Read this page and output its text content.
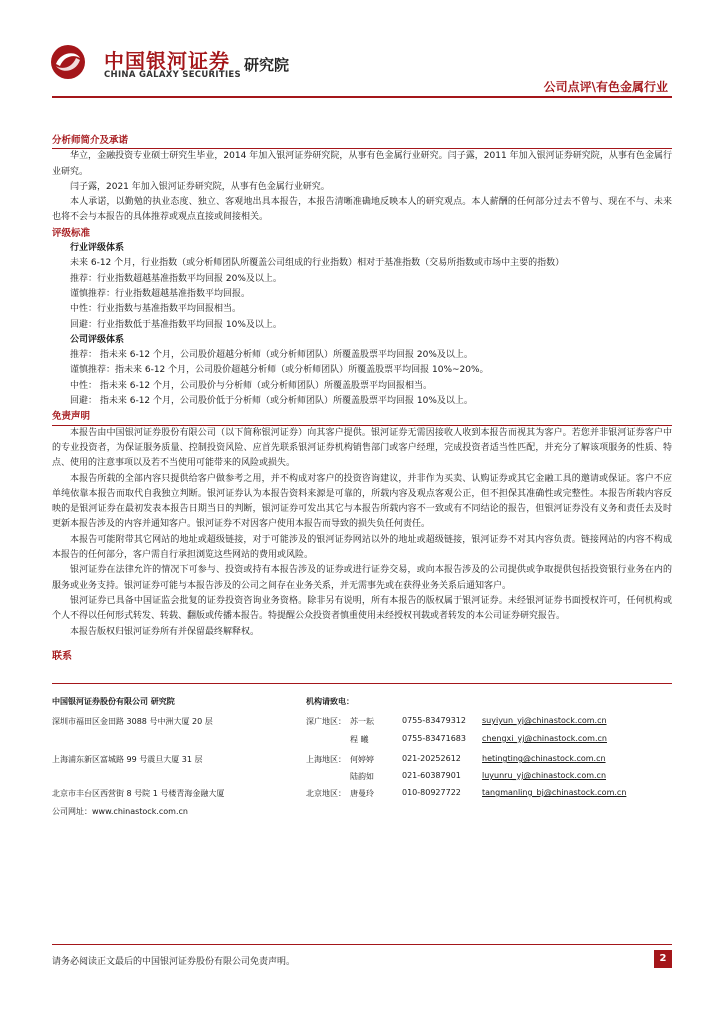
中国银河证券
CHINA GALAXY SECURITIES
研究院
公司点评\有色金属行业
分析师简介及承诺

华立，金融投资专业硕士研究生毕业，2014 年加入银河证券研究院，从事有色金属行业研究。闫子露，2011 年加入银河证券研究院，从事有色金属行业研究。

闫子露，2021 年加入银河证券研究院，从事有色金属行业研究。

本人承诺，以勤勉的执业态度、独立、客观地出具本报告，本报告清晰准确地反映本人的研究观点。本人薪酬的任何部分过去不曾与、现在不与、未来也将不会与本报告的具体推荐或观点直接或间接相关。

评级标准
行业评级体系
未来 6-12 个月，行业指数（或分析师团队所覆盖公司组成的行业指数）相对于基准指数（交易所指数或市场中主要的指数）
推荐：行业指数超越基准指数平均回报 20%及以上。
谨慎推荐：行业指数超越基准指数平均回报。
中性：行业指数与基准指数平均回报相当。
回避：行业指数低于基准指数平均回报 10%及以上。
公司评级体系
推荐： 指未来 6-12 个月，公司股价超越分析师（或分析师团队）所覆盖股票平均回报 20%及以上。
谨慎推荐：指未来 6-12 个月，公司股价超越分析师（或分析师团队）所覆盖股票平均回报 10%~20%。
中性： 指未来 6-12 个月，公司股价与分析师（或分析师团队）所覆盖股票平均回报相当。
回避： 指未来 6-12 个月，公司股价低于分析师（或分析师团队）所覆盖股票平均回报 10%及以上。
免责声明

本报告由中国银河证券股份有限公司（以下简称银河证券）向其客户提供。银河证券无需因接收人收到本报告而视其为客户。若您并非银河证券客户中的专业投资者，为保证服务质量、控制投资风险、应首先联系银河证券机构销售部门或客户经理，完成投资者适当性匹配，并充分了解该项服务的性质、特点、使用的注意事项以及若不当使用可能带来的风险或损失。

本报告所载的全部内容只提供给客户做参考之用，并不构成对客户的投资咨询建议，并非作为买卖、认购证券或其它金融工具的邀请或保证。客户不应单纯依靠本报告而取代自我独立判断。银河证券认为本报告资料来源是可靠的，所载内容及观点客观公正，但不担保其准确性或完整性。本报告所载内容反映的是银河证券在最初发表本报告日期当日的判断，银河证券可发出其它与本报告所载内容不一致或有不同结论的报告，但银河证券没有义务和责任去及时更新本报告涉及的内容并通知客户。银河证券不对因客户使用本报告而导致的损失负任何责任。

本报告可能附带其它网站的地址或超级链接，对于可能涉及的银河证券网站以外的地址或超级链接，银河证券不对其内容负责。链接网站的内容不构成本报告的任何部分，客户需自行承担浏览这些网站的费用或风险。

银河证券在法律允许的情况下可参与、投资或持有本报告涉及的证券或进行证券交易，或向本报告涉及的公司提供或争取提供包括投资银行业务在内的服务或业务支持。银河证券可能与本报告涉及的公司之间存在业务关系，并无需事先或在获得业务关系后通知客户。

银河证券已具备中国证监会批复的证券投资咨询业务资格。除非另有说明，所有本报告的版权属于银河证券。未经银河证券书面授权许可，任何机构或个人不得以任何形式转发、转载、翻版或传播本报告。特提醒公众投资者慎重使用未经授权刊载或者转发的本公司证券研究报告。

本报告版权归银河证券所有并保留最终解释权。

联系
中国银河证券股份有限公司 研究院
深圳市福田区金田路 3088 号中洲大厦 20 层
上海浦东新区富城路 99 号震旦大厦 31 层
北京市丰台区西营街 8 号院 1 号楼青海金融大厦
公司网址：www.chinastock.com.cn
机构请致电：
深广地区： 苏一耘	0755-83479312 suyiyun_yj@chinastock.com.cn
程 曦	0755-83471683 chengxi_yj@chinastock.com.cn
上海地区： 何婷婷	021-20252612	hetingting@chinastock.com.cn
陆韵如	021-60387901	luyunru_yj@chinastock.com.cn
北京地区： 唐曼玲	010-80927722	tangmanling_bj@chinastock.com.cn
请务必阅读正文最后的中国银河证券股份有限公司免责声明。	2
